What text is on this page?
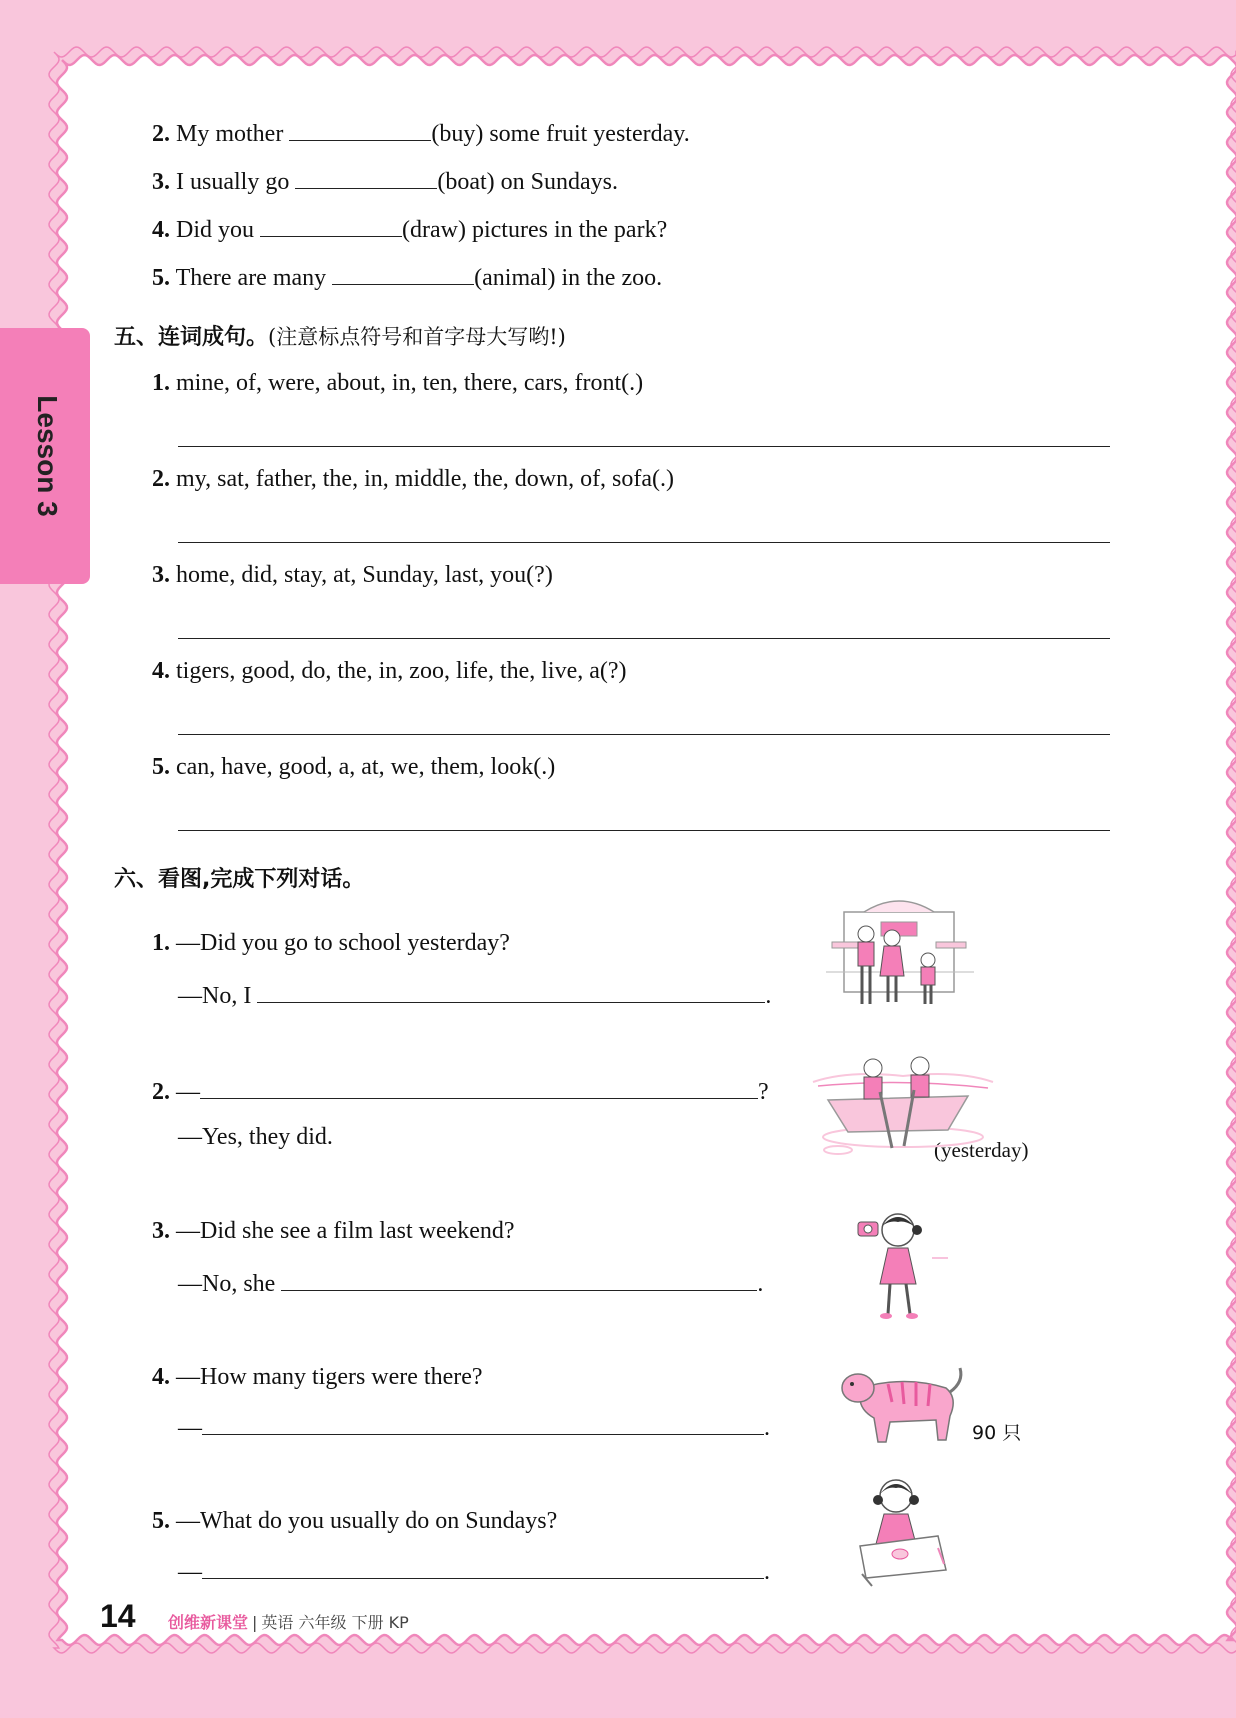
Lesson 3
2. My mother	(buy) some fruit yesterday.
3. I usually go	(boat) on Sundays.
4. Did you	(draw) pictures in the park?
5. There are many	(animal) in the zoo.
五、连词成句。(注意标点符号和首字母大写哟!)
1. mine, of, were, about, in, ten, there, cars, front(.)
2. my, sat, father, the, in, middle, the, down, of, sofa(.)
3. home, did, stay, at, Sunday, last, you(?)
4. tigers, good, do, the, in, zoo, life, the, live, a(?)
5. can, have, good, a, at, we, them, look(.)
六、看图,完成下列对话。
1. —Did you go to school yesterday?
—No, I	.
2. —	?
—Yes, they did.	(yesterday)
3. —Did she see a film last weekend?
—No, she	.
4. —How many tigers were there?
—	.	90 只
5. —What do you usually do on Sundays?
—	.
14 创维新课堂 | 英语 六年级 下册 KP
